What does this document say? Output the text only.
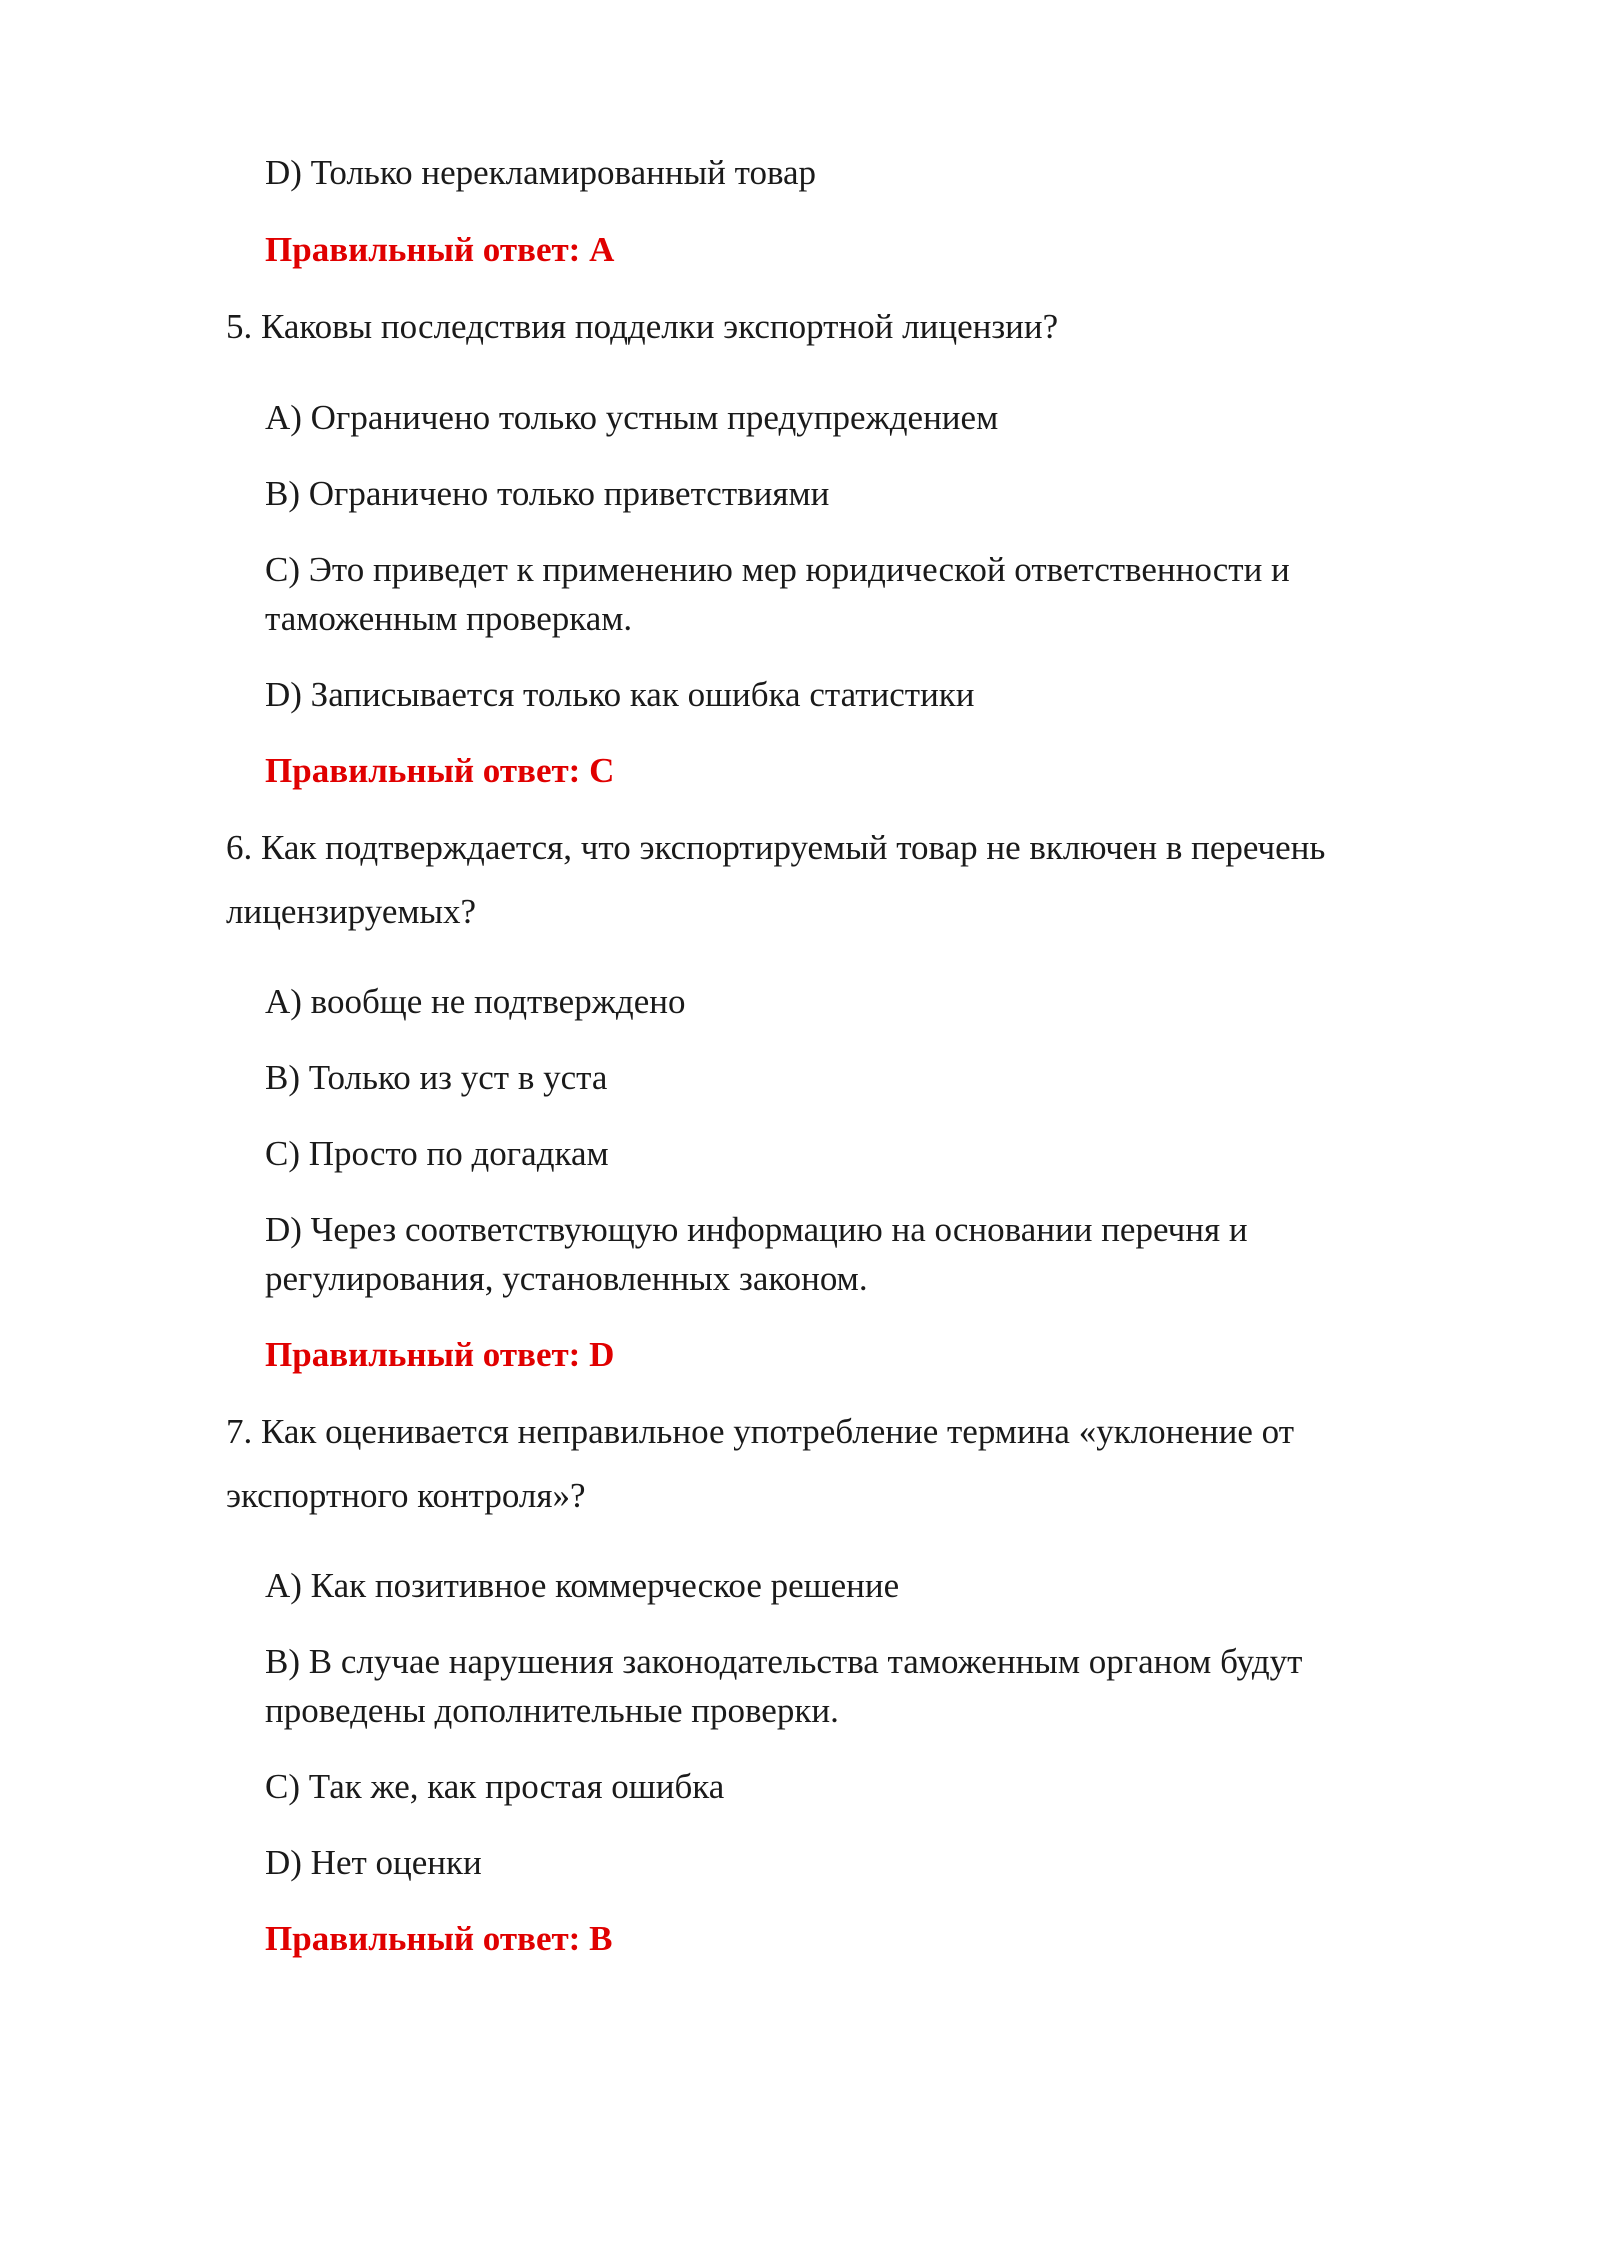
D) Только нерекламированный товар
Правильный ответ: A
5. Каковы последствия подделки экспортной лицензии?
A) Ограничено только устным предупреждением
B) Ограничено только приветствиями
C) Это приведет к применению мер юридической ответственности и
таможенным проверкам.
D) Записывается только как ошибка статистики
Правильный ответ: C
6. Как подтверждается, что экспортируемый товар не включен в перечень
лицензируемых?
A) вообще не подтверждено
B) Только из уст в уста
C) Просто по догадкам
D) Через соответствующую информацию на основании перечня и
регулирования, установленных законом.
Правильный ответ: D
7. Как оценивается неправильное употребление термина «уклонение от
экспортного контроля»?
A) Как позитивное коммерческое решение
B) В случае нарушения законодательства таможенным органом будут
проведены дополнительные проверки.
C) Так же, как простая ошибка
D) Нет оценки
Правильный ответ: B
